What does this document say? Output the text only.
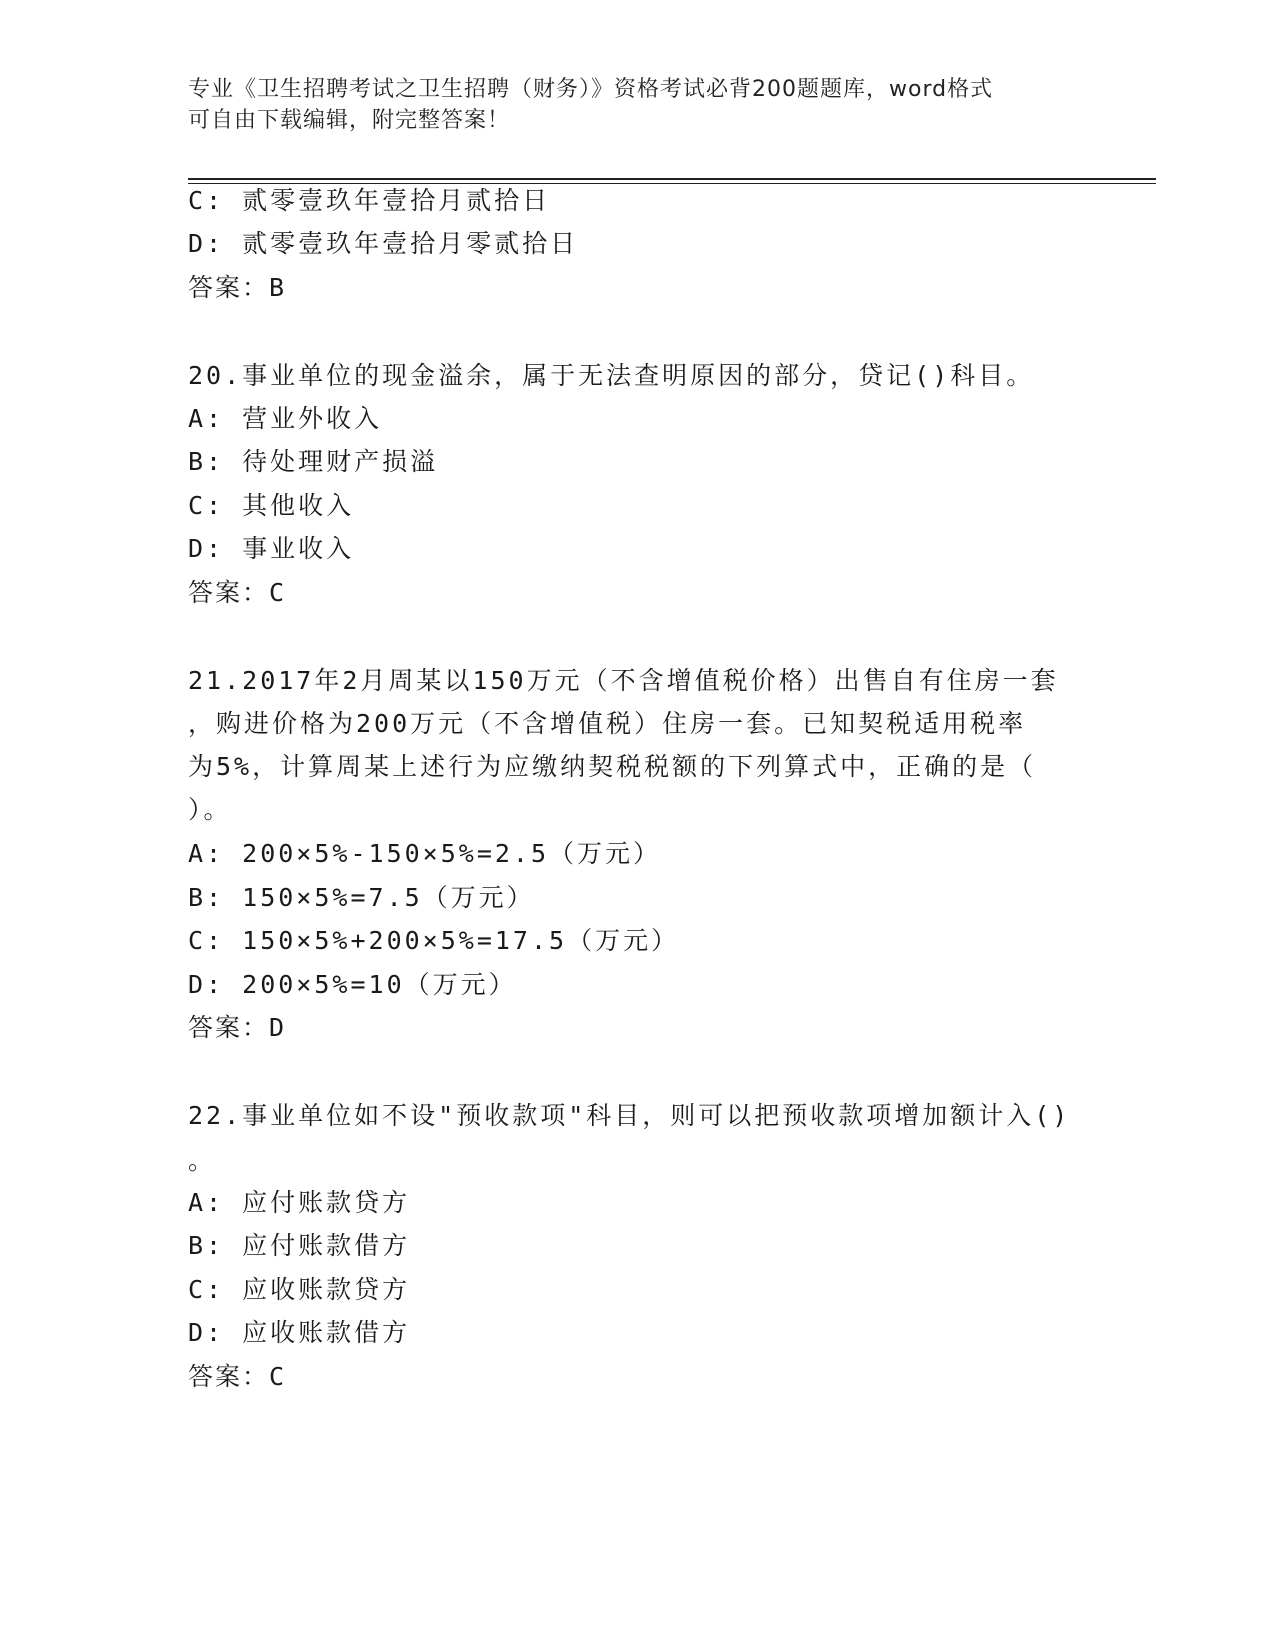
专业《卫生招聘考试之卫生招聘（财务）》资格考试必背200题题库，word格式
可自由下载编辑，附完整答案！
C: 贰零壹玖年壹拾月贰拾日
D: 贰零壹玖年壹拾月零贰拾日
答案：B
20.事业单位的现金溢余，属于无法查明原因的部分，贷记()科目。
A: 营业外收入
B: 待处理财产损溢
C: 其他收入
D: 事业收入
答案：C
21.2017年2月周某以150万元（不含增值税价格）出售自有住房一套
，购进价格为200万元（不含增值税）住房一套。已知契税适用税率
为5%，计算周某上述行为应缴纳契税税额的下列算式中，正确的是（
）。
A: 200×5%-150×5%=2.5（万元）
B: 150×5%=7.5（万元）
C: 150×5%+200×5%=17.5（万元）
D: 200×5%=10（万元）
答案：D
22.事业单位如不设"预收款项"科目，则可以把预收款项增加额计入()
。
A: 应付账款贷方
B: 应付账款借方
C: 应收账款贷方
D: 应收账款借方
答案：C
